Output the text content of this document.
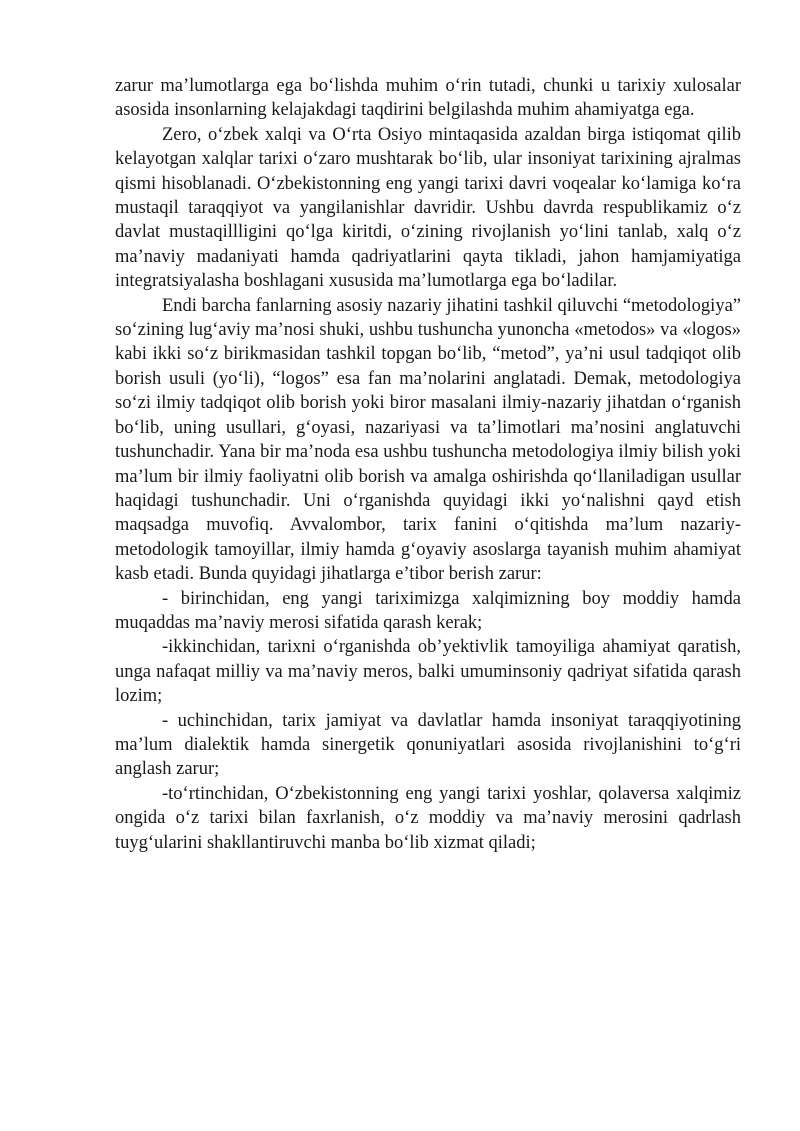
zarur ma’lumotlarga ega bo‘lishda muhim o‘rin tutadi, chunki u tarixiy xulosalar asosida insonlarning kelajakdagi taqdirini belgilashda muhim ahamiyatga ega.

Zero, o‘zbek xalqi va O‘rta Osiyo mintaqasida azaldan birga istiqomat qilib kelayotgan xalqlar tarixi o‘zaro mushtarak bo‘lib, ular insoniyat tarixining ajralmas qismi hisoblanadi. O‘zbekistonning eng yangi tarixi davri voqealar ko‘lamiga ko‘ra mustaqil taraqqiyot va yangilanishlar davridir. Ushbu davrda respublikamiz o‘z davlat mustaqillligini qo‘lga kiritdi, o‘zining rivojlanish yo‘lini tanlab, xalq o‘z ma’naviy madaniyati hamda qadriyatlarini qayta tikladi, jahon hamjamiyatiga integratsiyalasha boshlagani xususida ma’lumotlarga ega bo‘ladilar.

Endi barcha fanlarning asosiy nazariy jihatini tashkil qiluvchi “metodologiya” so‘zining lug‘aviy ma’nosi shuki, ushbu tushuncha yunoncha «metodos» va «logos» kabi ikki so‘z birikmasidan tashkil topgan bo‘lib, “metod”, ya’ni usul tadqiqot olib borish usuli (yo‘li), “logos” esa fan ma’nolarini anglatadi. Demak, metodologiya so‘zi ilmiy tadqiqot olib borish yoki biror masalani ilmiy-nazariy jihatdan o‘rganish bo‘lib, uning usullari, g‘oyasi, nazariyasi va ta’limotlari ma’nosini anglatuvchi tushunchadir. Yana bir ma’noda esa ushbu tushuncha metodologiya ilmiy bilish yoki ma’lum bir ilmiy faoliyatni olib borish va amalga oshirishda qo‘llaniladigan usullar haqidagi tushunchadir. Uni o‘rganishda quyidagi ikki yo‘nalishni qayd etish maqsadga muvofiq. Avvalombor, tarix fanini o‘qitishda ma’lum nazariy-metodologik tamoyillar, ilmiy hamda g‘oyaviy asoslarga tayanish muhim ahamiyat kasb etadi. Bunda quyidagi jihatlarga e’tibor berish zarur:

- birinchidan, eng yangi tariximizga xalqimizning boy moddiy hamda muqaddas ma’naviy merosi sifatida qarash kerak;

-ikkinchidan, tarixni o‘rganishda ob’yektivlik tamoyiliga ahamiyat qaratish, unga nafaqat milliy va ma’naviy meros, balki umuminsoniy qadriyat sifatida qarash lozim;

- uchinchidan, tarix jamiyat va davlatlar hamda insoniyat taraqqiyotining ma’lum dialektik hamda sinergetik qonuniyatlari asosida rivojlanishini to‘g‘ri anglash zarur;

-to‘rtinchidan, O‘zbekistonning eng yangi tarixi yoshlar, qolaversa xalqimiz ongida o‘z tarixi bilan faxrlanish, o‘z moddiy va ma’naviy merosini qadrlash tuyg‘ularini shakllantiruvchi manba bo‘lib xizmat qiladi;
